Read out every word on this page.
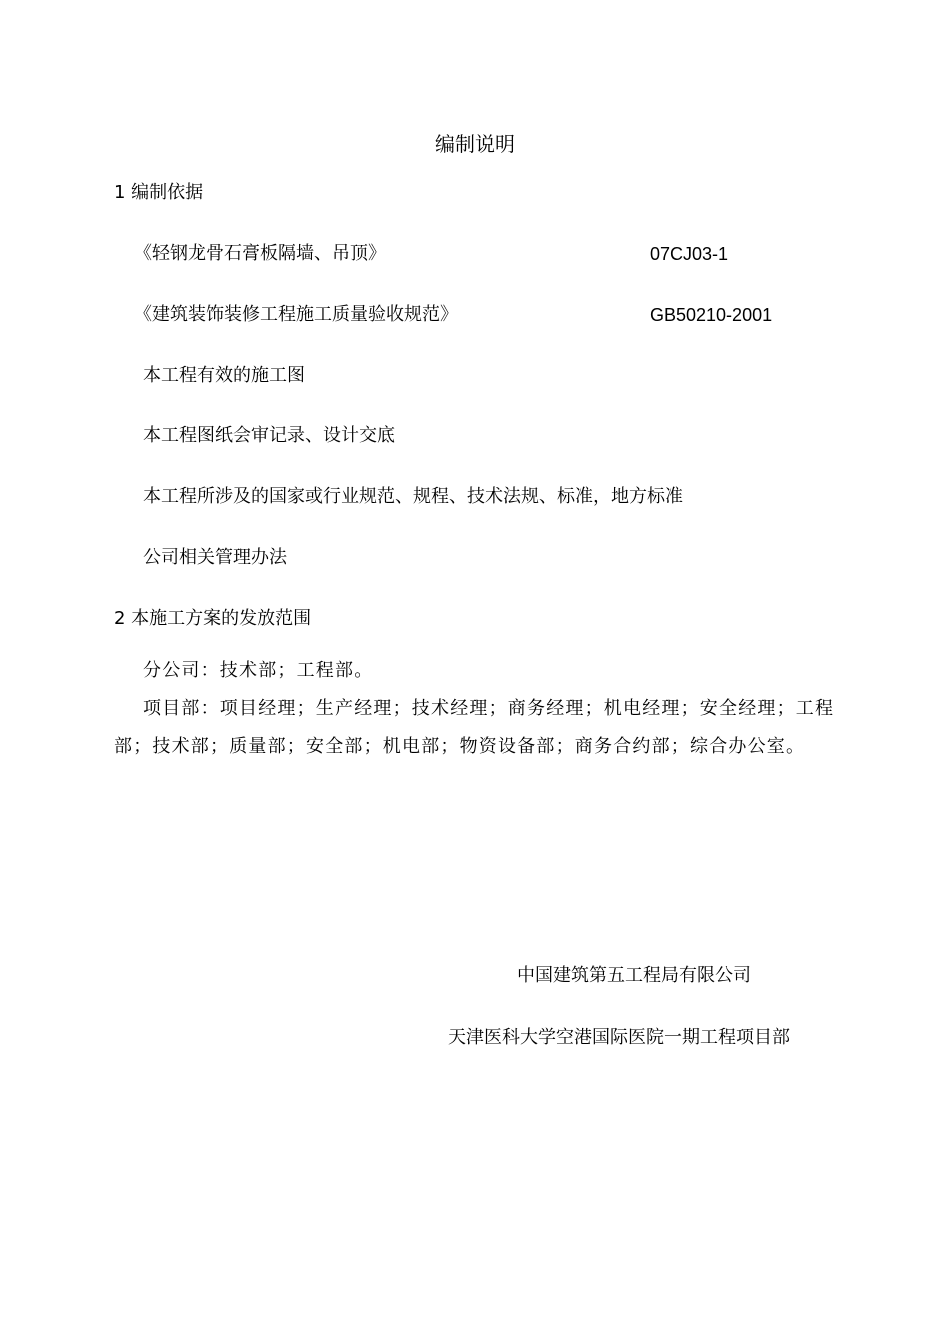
编制说明
1 编制依据
《轻钢龙骨石膏板隔墙、吊顶》	07CJ03-1
《建筑装饰装修工程施工质量验收规范》	GB50210-2001
本工程有效的施工图
本工程图纸会审记录、设计交底
本工程所涉及的国家或行业规范、规程、技术法规、标准，地方标准
公司相关管理办法
2 本施工方案的发放范围
分公司：技术部；工程部。
项目部：项目经理；生产经理；技术经理；商务经理；机电经理；安全经理；工程部；技术部；质量部；安全部；机电部；物资设备部；商务合约部；综合办公室。
中国建筑第五工程局有限公司
天津医科大学空港国际医院一期工程项目部
